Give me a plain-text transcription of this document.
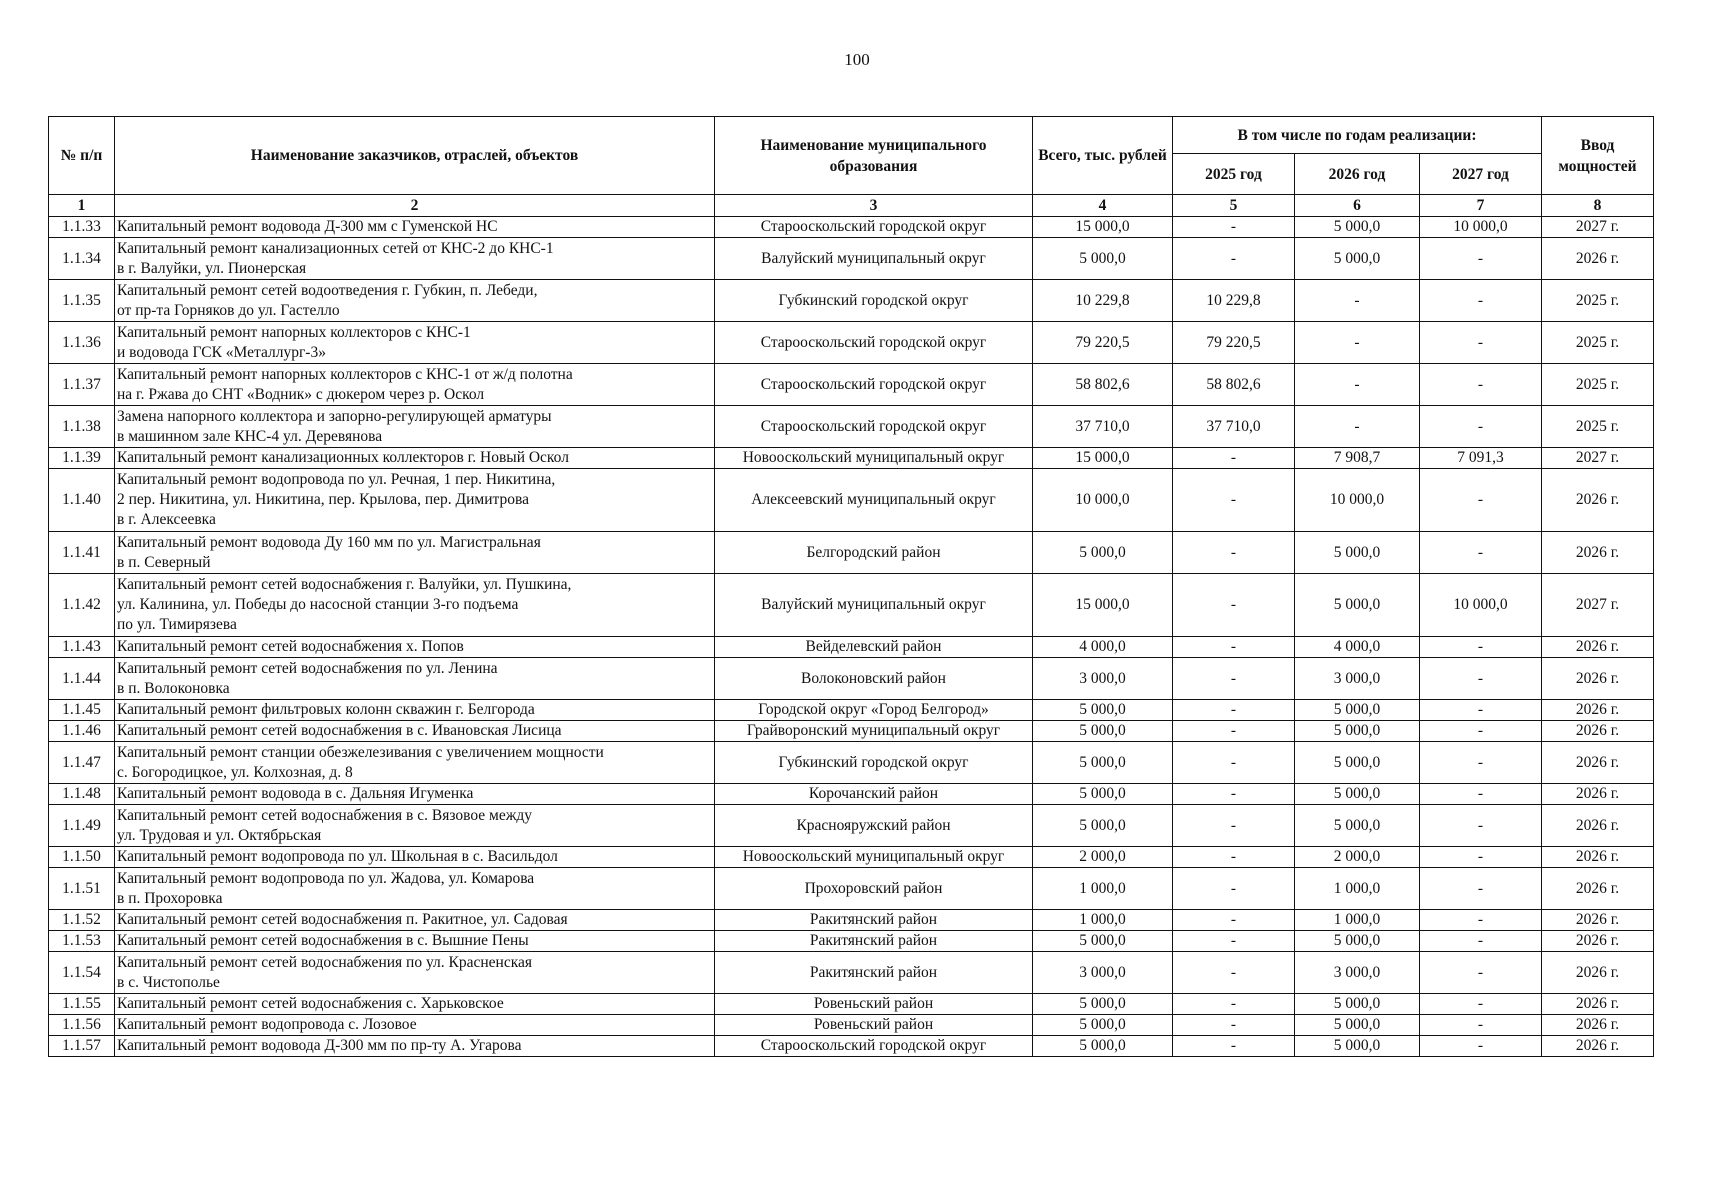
100
№ п/п	Наименование заказчиков, отраслей, объектов	Наименование муниципального образования	Всего, тыс. рублей	В том числе по годам реализации:			Ввод мощностей
				2025 год	2026 год	2027 год	
1	2	3	4	5	6	7	8
1.1.33	Капитальный ремонт водовода Д-300 мм с Гуменской НС	Старооскольский городской округ	15 000,0	-	5 000,0	10 000,0	2027 г.
1.1.34	Капитальный ремонт канализационных сетей от КНС-2 до КНС-1
в г. Валуйки, ул. Пионерская	Валуйский муниципальный округ	5 000,0	-	5 000,0	-	2026 г.
1.1.35	Капитальный ремонт сетей водоотведения г. Губкин, п. Лебеди,
от пр-та Горняков до ул. Гастелло	Губкинский городской округ	10 229,8	10 229,8	-	-	2025 г.
1.1.36	Капитальный ремонт напорных коллекторов с КНС-1
и водовода ГСК «Металлург-3»	Старооскольский городской округ	79 220,5	79 220,5	-	-	2025 г.
1.1.37	Капитальный ремонт напорных коллекторов с КНС-1 от ж/д полотна
на г. Ржава до СНТ «Водник» с дюкером через р. Оскол	Старооскольский городской округ	58 802,6	58 802,6	-	-	2025 г.
1.1.38	Замена напорного коллектора и запорно-регулирующей арматуры
в машинном зале КНС-4 ул. Деревянова	Старооскольский городской округ	37 710,0	37 710,0	-	-	2025 г.
1.1.39	Капитальный ремонт канализационных коллекторов г. Новый Оскол	Новооскольский муниципальный округ	15 000,0	-	7 908,7	7 091,3	2027 г.
1.1.40	Капитальный ремонт водопровода по ул. Речная, 1 пер. Никитина,
2 пер. Никитина, ул. Никитина, пер. Крылова, пер. Димитрова
в г. Алексеевка	Алексеевский муниципальный округ	10 000,0	-	10 000,0	-	2026 г.
1.1.41	Капитальный ремонт водовода Ду 160 мм по ул. Магистральная
в п. Северный	Белгородский район	5 000,0	-	5 000,0	-	2026 г.
1.1.42	Капитальный ремонт сетей водоснабжения г. Валуйки, ул. Пушкина,
ул. Калинина, ул. Победы до насосной станции 3-го подъема
по ул. Тимирязева	Валуйский муниципальный округ	15 000,0	-	5 000,0	10 000,0	2027 г.
1.1.43	Капитальный ремонт сетей водоснабжения х. Попов	Вейделевский район	4 000,0	-	4 000,0	-	2026 г.
1.1.44	Капитальный ремонт сетей водоснабжения по ул. Ленина
в п. Волоконовка	Волоконовский район	3 000,0	-	3 000,0	-	2026 г.
1.1.45	Капитальный ремонт фильтровых колонн скважин г. Белгорода	Городской округ «Город Белгород»	5 000,0	-	5 000,0	-	2026 г.
1.1.46	Капитальный ремонт сетей водоснабжения в с. Ивановская Лисица	Грайворонский муниципальный округ	5 000,0	-	5 000,0	-	2026 г.
1.1.47	Капитальный ремонт станции обезжелезивания с увеличением мощности
с. Богородицкое, ул. Колхозная, д. 8	Губкинский городской округ	5 000,0	-	5 000,0	-	2026 г.
1.1.48	Капитальный ремонт водовода в с. Дальняя Игуменка	Корочанский район	5 000,0	-	5 000,0	-	2026 г.
1.1.49	Капитальный ремонт сетей водоснабжения в с. Вязовое между
ул. Трудовая и ул. Октябрьская	Краснояружский район	5 000,0	-	5 000,0	-	2026 г.
1.1.50	Капитальный ремонт водопровода по ул. Школьная в с. Васильдол	Новооскольский муниципальный округ	2 000,0	-	2 000,0	-	2026 г.
1.1.51	Капитальный ремонт водопровода по ул. Жадова, ул. Комарова
в п. Прохоровка	Прохоровский район	1 000,0	-	1 000,0	-	2026 г.
1.1.52	Капитальный ремонт сетей водоснабжения п. Ракитное, ул. Садовая	Ракитянский район	1 000,0	-	1 000,0	-	2026 г.
1.1.53	Капитальный ремонт сетей водоснабжения в с. Вышние Пены	Ракитянский район	5 000,0	-	5 000,0	-	2026 г.
1.1.54	Капитальный ремонт сетей водоснабжения по ул. Красненская
в с. Чистополье	Ракитянский район	3 000,0	-	3 000,0	-	2026 г.
1.1.55	Капитальный ремонт сетей водоснабжения с. Харьковское	Ровеньский район	5 000,0	-	5 000,0	-	2026 г.
1.1.56	Капитальный ремонт водопровода с. Лозовое	Ровеньский район	5 000,0	-	5 000,0	-	2026 г.
1.1.57	Капитальный ремонт водовода Д-300 мм по пр-ту А. Угарова	Старооскольский городской округ	5 000,0	-	5 000,0	-	2026 г.
